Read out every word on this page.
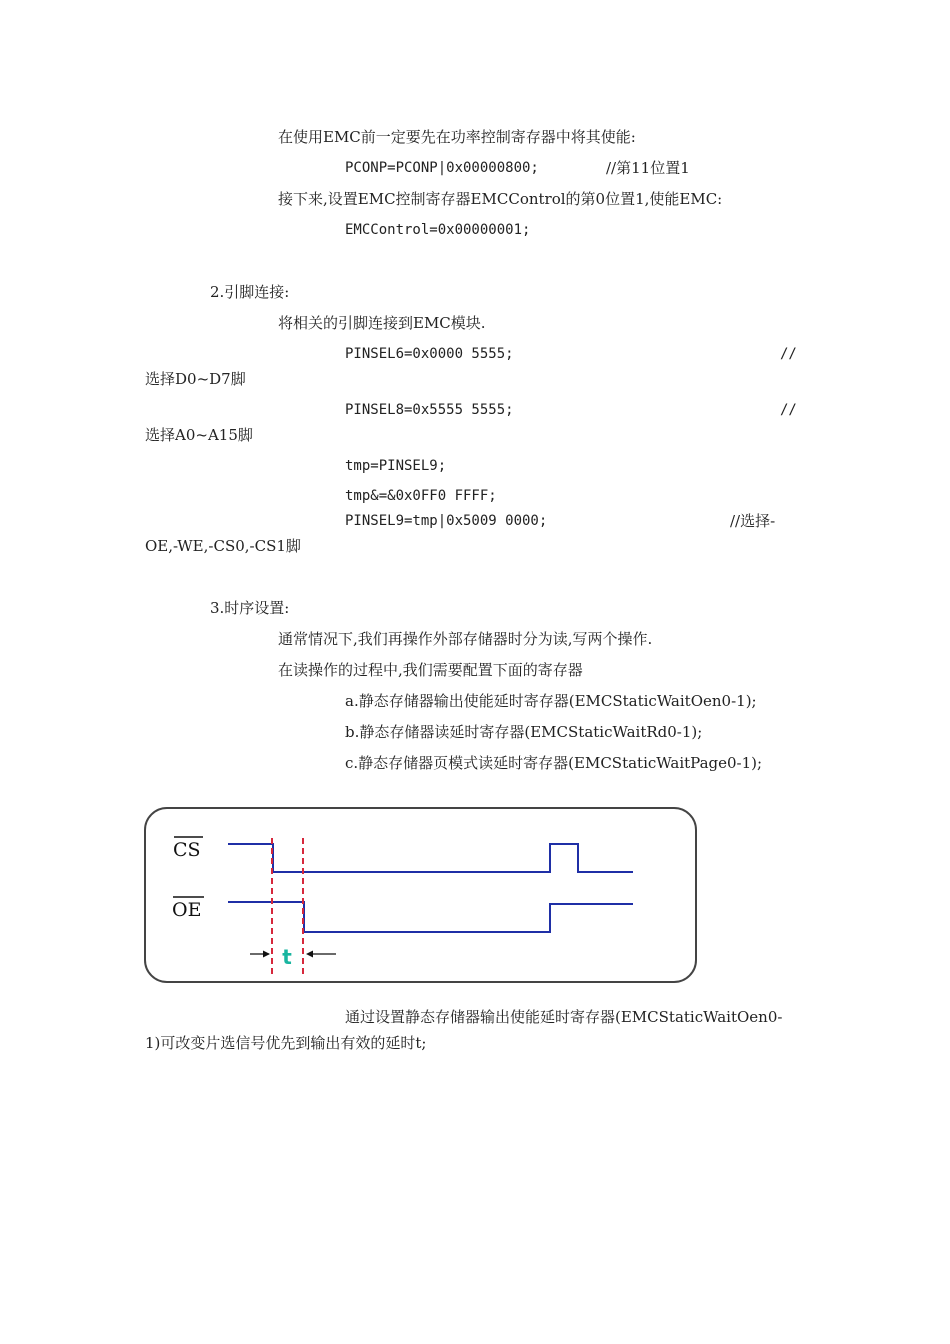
在使用EMC前一定要先在功率控制寄存器中将其使能:
PCONP=PCONP|0x00000800;	//第11位置1
接下来,设置EMC控制寄存器EMCControl的第0位置1,使能EMC:
EMCControl=0x00000001;
2.引脚连接:
将相关的引脚连接到EMC模块.
PINSEL6=0x0000 5555;	//
选择D0~D7脚
PINSEL8=0x5555 5555;	//
选择A0~A15脚
tmp=PINSEL9;
tmp&=&0x0FF0 FFFF;
PINSEL9=tmp|0x5009 0000;	//选择-
OE,-WE,-CS0,-CS1脚
3.时序设置:
通常情况下,我们再操作外部存储器时分为读,写两个操作.
在读操作的过程中,我们需要配置下面的寄存器
a.静态存储器输出使能延时寄存器(EMCStaticWaitOen0-1);
b.静态存储器读延时寄存器(EMCStaticWaitRd0-1);
c.静态存储器页模式读延时寄存器(EMCStaticWaitPage0-1);
CS
OE
t
通过设置静态存储器输出使能延时寄存器(EMCStaticWaitOen0-
1)可改变片选信号优先到输出有效的延时t;
